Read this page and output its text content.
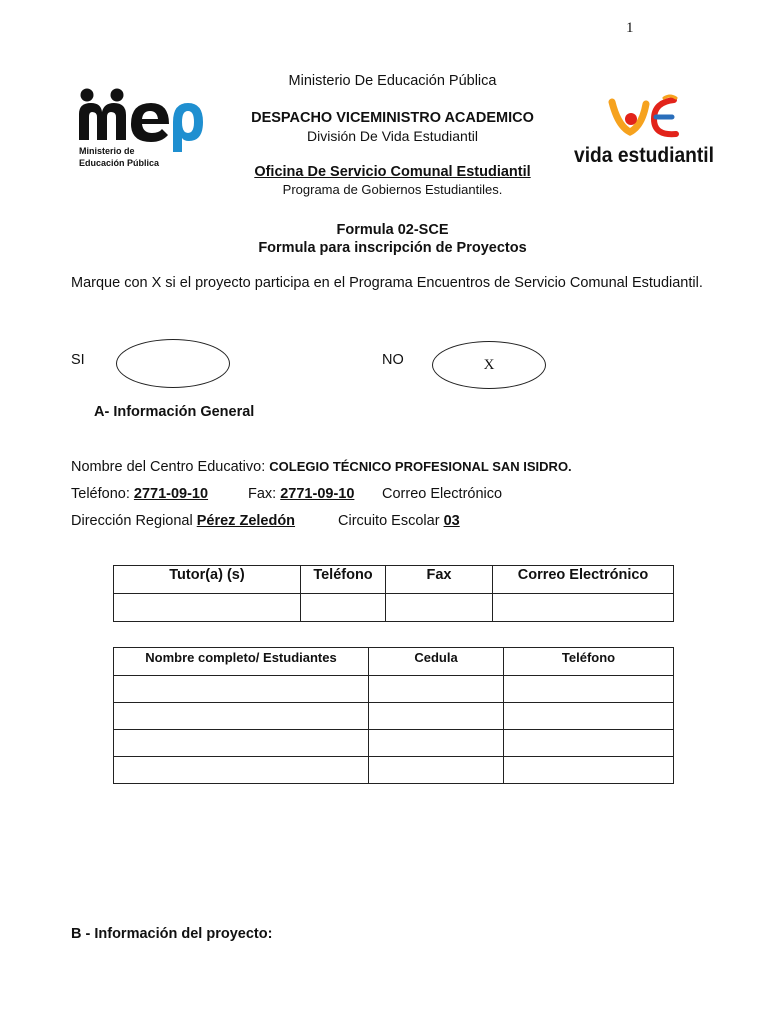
1
Ministerio de
Educación Pública	vida estudiantil
Ministerio De Educación Pública
DESPACHO VICEMINISTRO ACADEMICO
División De Vida Estudiantil
Oficina De Servicio Comunal Estudiantil
Programa de Gobiernos Estudiantiles.
Formula 02-SCE
Formula para inscripción de Proyectos
Marque con X si el proyecto participa en el Programa Encuentros de Servicio Comunal Estudiantil.
SI	NO	X
A- Información General
Nombre del Centro Educativo: COLEGIO TÉCNICO PROFESIONAL SAN ISIDRO.
Teléfono: 2771-09-10	Fax: 2771-09-10 Correo Electrónico
Dirección Regional Pérez Zeledón	Circuito Escolar 03
Tutor(a) (s)	Teléfono	Fax	Correo Electrónico

Nombre completo/ Estudiantes	Cedula	Teléfono

B - Información del proyecto:
